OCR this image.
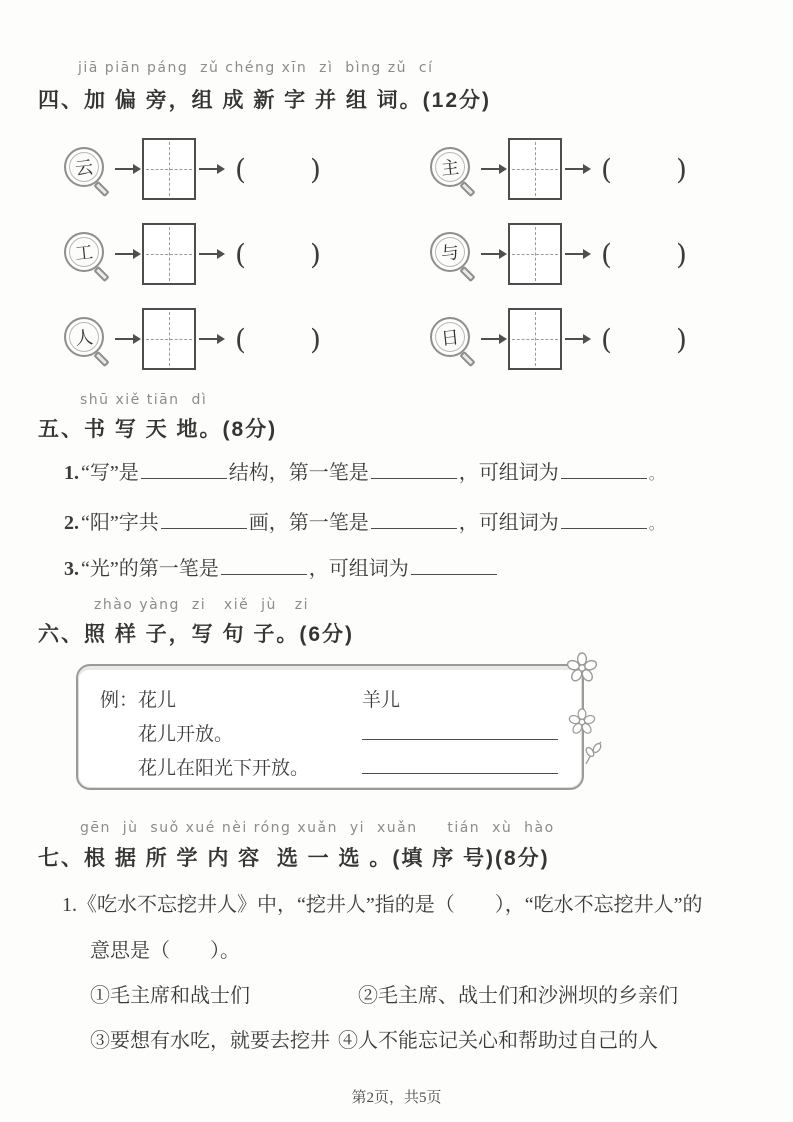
jiā piān páng  zǔ chéng xīn  zì  bìng zǔ  cí
四、加 偏 旁，组 成 新 字 并 组 词。(12分)
云	( )	主	( )
工	( )	与	( )
人	( )	日	( )
shū xiě tiān  dì
五、书 写 天 地。(8分)
1. “写”是	结构，第一笔是	，可组词为	。
2. “阳”字共	画，第一笔是	，可组词为	。
3. “光”的第一笔是	，可组词为
zhào yàng  zi   xiě  jù   zi
六、照 样 子，写 句 子。(6分)
例：花儿	羊儿
花儿开放。
花儿在阳光下开放。
gēn  jù  suǒ xué nèi róng xuǎn  yi  xuǎn     tián  xù  hào
七、根 据 所 学 内 容  选 一 选 。(填 序 号)(8分)
1.《吃水不忘挖井人》中，“挖井人”指的是（　　），“吃水不忘挖井人”的
意思是（　　）。
①毛主席和战士们	②毛主席、战士们和沙洲坝的乡亲们
③要想有水吃，就要去挖井 ④人不能忘记关心和帮助过自己的人
第2页，共5页
